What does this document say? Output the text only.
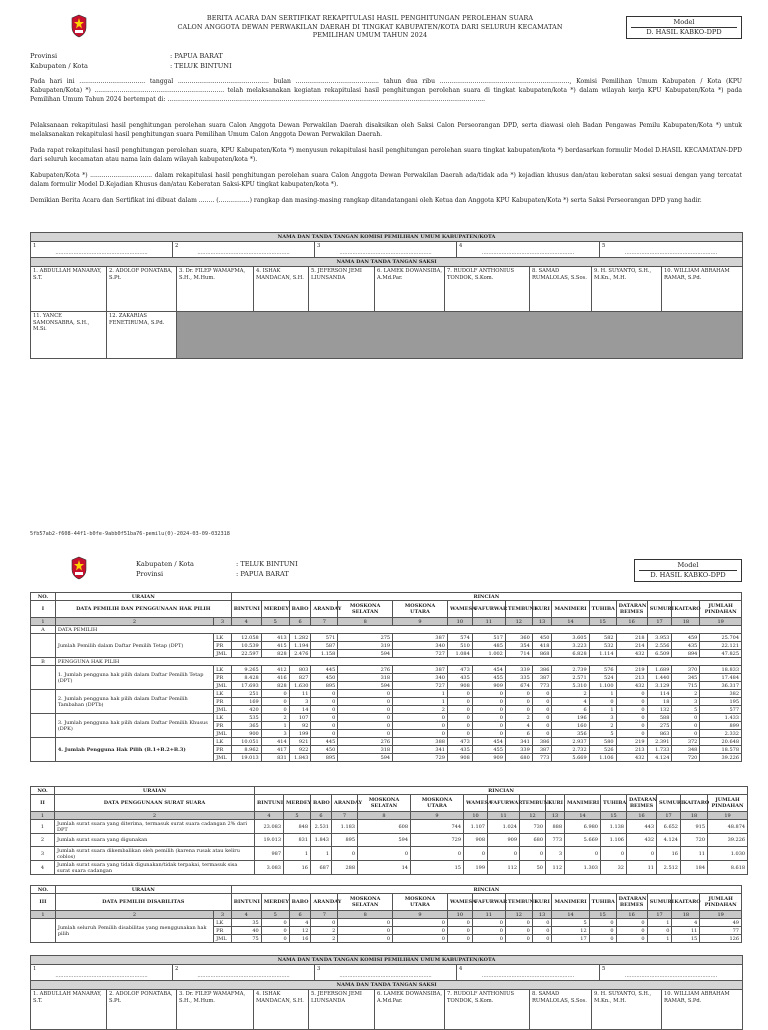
BERITA ACARA DAN SERTIFIKAT REKAPITULASI HASIL PENGHITUNGAN PEROLEHAN SUARA
CALON ANGGOTA DEWAN PERWAKILAN DAERAH DI TINGKAT KABUPATEN/KOTA DARI SELURUH KECAMATAN
PEMILIHAN UMUM TAHUN 2024
Model
D. HASIL KABKO-DPD
Provinsi	: PAPUA BARAT
Kabupaten / Kota	: TELUK BINTUNI
Pada hari ini .................................. tanggal ............................................... bulan ........................................... tahun dua ribu ..................................................................., Komisi Pemilihan Umum Kabupaten / Kota (KPU Kabupaten/Kota) *) ................................................................... telah melaksanakan kegiatan rekapitulasi hasil penghitungan perolehan suara di tingkat kabupaten/kota *) dalam wilayah kerja KPU Kabupaten/Kota *) pada Pemilihan Umum Tahun 2024 bertempat di: ....................................................................................................................................................................
Pelaksanaan rekapitulasi hasil penghitungan perolehan suara Calon Anggota Dewan Perwakilan Daerah disaksikan oleh Saksi Calon Perseorangan DPD, serta diawasi oleh Badan Pengawas Pemilu Kabupaten/Kota *) untuk melaksanakan rekapitulasi hasil penghitungan suara Pemilihan Umum Calon Anggota Dewan Perwakilan Daerah.
Pada rapat rekapitulasi hasil penghitungan perolehan suara, KPU Kabupaten/Kota *) menyusun rekapitulasi hasil penghitungan perolehan suara tingkat kabupaten/kota *) berdasarkan formulir Model D.HASIL KECAMATAN-DPD dari seluruh kecamatan atau nama lain dalam wilayah kabupaten/kota *).
Kabupaten/Kota *) ................................ dalam rekapitulasi hasil penghitungan perolehan suara Calon Anggota Dewan Perwakilan Daerah ada/tidak ada *) kejadian khusus dan/atau keberatan saksi sesuai dengan yang tercatat dalam formulir Model D.Kejadian Khusus dan/atau Keberatan Saksi-KPU tingkat kabupaten/kota *).
Demikian Berita Acara dan Sertifikat ini dibuat dalam ........ (................) rangkap dan masing-masing rangkap ditandatangani oleh Ketua dan Anggota KPU Kabupaten/Kota *) serta Saksi Perseorangan DPD yang hadir.
NAMA DAN TANDA TANGAN KOMISI PEMILIHAN UMUM KABUPATEN/KOTA

1
........................................................

2
........................................................

3
........................................................

4
........................................................

5
........................................................
NAMA DAN TANDA TANGAN SAKSI									
1. ABDULLAH MANARAY, S.T.	2. ADOLOF PONATABA, S.Pt.	3. Dr. FILEP WAMAFMA, S.H., M.Hum.	4. ISHAK MANDACAN, S.H.	5. JEFERSON JEMI LIUNSANDA	6. LAMEK DOWANSIBA, A.Md.Par.	7. RUDOLF ANTHONIUS TONDOK, S.Kom.	8. SAMAD RUMALOLAS, S.Sos.	9. H. SUYANTO, S.H., M.Kn., M.H.	10. WILLIAM ABRAHAM RAMAR, S.Pd.
11. YANCE SAMONSABRA, S.H., M.Si.	12. ZAKARIAS FENETIRUMA, S.Pd.								
5fb57ab2-f608-44f1-b0fe-9abb0f51ba76-pemilu(0)-2024-03-09-032318
Kabupaten / Kota	: TELUK BINTUNI
Provinsi	: PAPUA BARAT
Model
D. HASIL KABKO-DPD
NO.	URAIAN		RINCIAN															
I	DATA PEMILIH DAN PENGGUNAAN HAK PILIH		BINTUNI	MERDEY	BABO	ARANDAY	MOSKONA SELATAN	MOSKONA UTARA	WAMESA	FAFURWAR	TEMBUNI	KURI	MANIMERI	TUHIBA	DATARAN BEIMES	SUMURI	KAITARO	JUMLAH PINDAHAN
1	2	3	4	5	6	7	8	9	10	11	12	13	14	15	16	17	18	19
A	DATA PEMILIH																	
	Jumlah Pemilih dalam Daftar Pemilih Tetap (DPT)	LK	12.058	413	1.282	571	275	387	574	517	360	450	3.605	582	218	3.953	459	25.704
		PR	10.539	415	1.194	587	319	340	510	485	354	418	3.223	532	214	2.556	435	22.121
		JML	22.597	828	2.476	1.158	594	727	1.084	1.002	714	868	6.828	1.114	432	6.509	894	47.825
B	PENGGUNA HAK PILIH																	
	1. Jumlah pengguna hak pilih dalam Daftar Pemilih Tetap (DPT)	LK	9.265	412	803	445	276	387	473	454	339	386	2.739	576	219	1.689	370	18.833
		PR	8.428	416	827	450	318	340	435	455	335	387	2.571	524	213	1.440	345	17.484
		JML	17.693	828	1.630	895	594	727	908	909	674	773	5.310	1.100	432	3.129	715	36.317
	2. Jumlah pengguna hak pilih dalam Daftar Pemilih Tambahan (DPTb)	LK	251	0	11	0	0	1	0	0	0	0	2	1	0	114	2	382
		PR	169	0	3	0	0	1	0	0	0	0	4	0	0	18	3	195
		JML	420	0	14	0	0	2	0	0	0	0	6	1	0	132	5	577
	3. Jumlah pengguna hak pilih dalam Daftar Pemilih Khusus (DPK)	LK	535	2	107	0	0	0	0	0	2	0	196	3	0	588	0	1.433
		PR	365	1	92	0	0	0	0	0	4	0	160	2	0	275	0	899
		JML	900	3	199	0	0	0	0	0	6	0	356	5	0	863	0	2.332
	4. Jumlah Pengguna Hak Pilih (B.1+B.2+B.3)	LK	10.051	414	921	445	276	388	473	454	341	386	2.937	580	219	2.391	372	20.648
		PR	8.962	417	922	450	318	341	435	455	339	387	2.732	526	213	1.733	348	18.578
		JML	19.013	831	1.843	895	594	729	908	909	680	773	5.669	1.106	432	4.124	720	39.226
NO.	URAIAN	RINCIAN															
II	DATA PENGGUNAAN SURAT SUARA	BINTUNI	MERDEY	BABO	ARANDAY	MOSKONA SELATAN	MOSKONA UTARA	WAMESA	FAFURWAR	TEMBUNI	KURI	MANIMERI	TUHIBA	DATARAN BEIMES	SUMURI	KAITARO	JUMLAH PINDAHAN
1	2	4	5	6	7	8	9	10	11	12	13	14	15	16	17	18	19
1	Jumlah surat suara yang diterima, termasuk surat suara cadangan 2% dari DPT	23.083	848	2.531	1.183	608	744	1.107	1.024	730	888	6.980	1.138	443	6.652	915	48.874
2	Jumlah surat suara yang digunakan	19.013	831	1.843	895	594	729	908	909	680	773	5.669	1.106	432	4.124	720	39.226
3	Jumlah surat suara dikembalikan oleh pemilih (karena rusak atau keliru coblos)	987	1	1	0	0	0	0	0	0	3	0	0	0	16	11	1.030
4	Jumlah surat suara yang tidak digunakan/tidak terpakai, termasuk sisa surat suara cadangan	3.083	16	687	288	14	15	199	112	50	112	1.303	32	11	2.512	184	8.618
NO.	URAIAN		RINCIAN															
III	DATA PEMILIH DISABILITAS		BINTUNI	MERDEY	BABO	ARANDAY	MOSKONA SELATAN	MOSKONA UTARA	WAMESA	FAFURWAR	TEMBUNI	KURI	MANIMERI	TUHIBA	DATARAN BEIMES	SUMURI	KAITARO	JUMLAH PINDAHAN
1	2	3	4	5	6	7	8	9	10	11	12	13	14	15	16	17	18	19
	Jumlah seluruh Pemilih disabilitas yang menggunakan hak pilih	LK	35	0	4	0	0	0	0	0	0	0	5	0	0	1	4	49
		PR	40	0	12	2	0	0	0	0	0	0	12	0	0	0	11	77
		JML	75	0	16	2	0	0	0	0	0	0	17	0	0	1	15	126
NAMA DAN TANDA TANGAN KOMISI PEMILIHAN UMUM KABUPATEN/KOTA

1
........................................................

2
........................................................

3
........................................................

4
........................................................

5
........................................................
NAMA DAN TANDA TANGAN SAKSI
1. ABDULLAH MANARAY, S.T.	2. ADOLOF PONATABA, S.Pt.	3. Dr. FILEP WAMAFMA, S.H., M.Hum.	4. ISHAK MANDACAN, S.H.	5. JEFERSON JEMI LIUNSANDA	6. LAMEK DOWANSIBA, A.Md.Par.	7. RUDOLF ANTHONIUS TONDOK, S.Kom.	8. SAMAD RUMALOLAS, S.Sos.	9. H. SUYANTO, S.H., M.Kn., M.H.	10. WILLIAM ABRAHAM RAMAR, S.Pd.
